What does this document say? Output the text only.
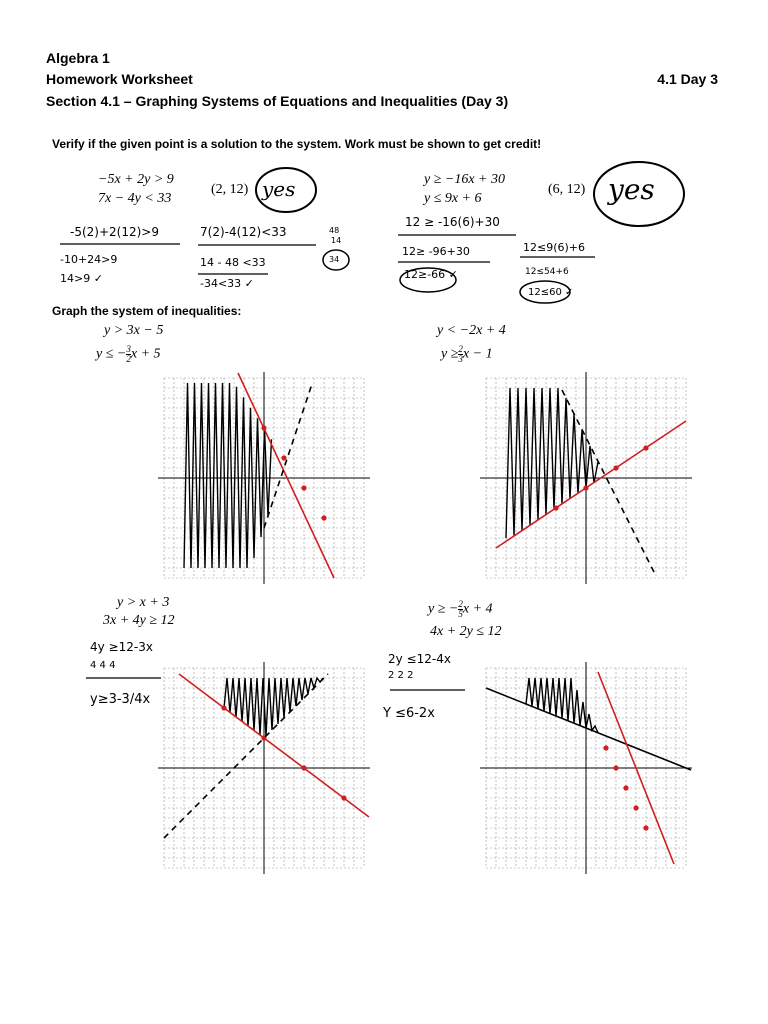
Algebra 1
Homework Worksheet	4.1 Day 3
Section 4.1 – Graphing Systems of Equations and Inequalities (Day 3)
Verify if the given point is a solution to the system. Work must be shown to get credit!
−5x + 2y > 9
7x − 4y < 33
(2, 12) yes
-5(2)+2(12)>9
-10+24>9
14>9 ✓
7(2)-4(12)<33
14 - 48 <33
-34<33 ✓
48
14
34
y ≥ −16x + 30
y ≤ 9x + 6
(6, 12) yes
12 ≥ -16(6)+30
12≥ -96+30
12≥-66 ✓
12≤9(6)+6
12≤54+6
12≤60 ✓
Graph the system of inequalities:
y > 3x − 5
y ≤ − $\frac{3}{2}$ x + 5
y < −2x + 4
$y \ge \frac{2}{3}$ x − 1
y > x + 3
3x + 4y ≥ 12
4y ≥12-3x
4 4 4
y≥3-3/4x
y ≥ − $\frac{2}{5}$ x + 4
4x + 2y ≤ 12
2y ≤12-4x
2 2 2
Y ≤6-2x
